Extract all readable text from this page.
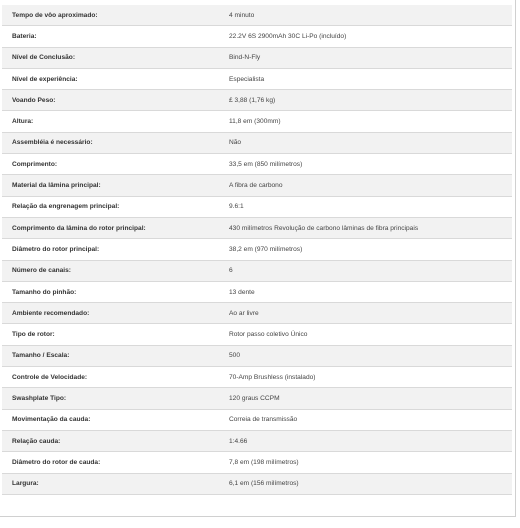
Tempo de vôo aproximado:	4 minuto
Bateria:	22.2V 6S 2900mAh 30C Li-Po (incluído)
Nível de Conclusão:	Bind-N-Fly
Nível de experiência:	Especialista
Voando Peso:	£ 3,88 (1,76 kg)
Altura:	11,8 em (300mm)
Assembléia é necessário:	Não
Comprimento:	33,5 em (850 milímetros)
Material da lâmina principal:	A fibra de carbono
Relação da engrenagem principal:	9.6:1
Comprimento da lâmina do rotor principal:	430 milímetros Revolução de carbono lâminas de fibra principais
Diâmetro do rotor principal:	38,2 em (970 milímetros)
Número de canais:	6
Tamanho do pinhão:	13 dente
Ambiente recomendado:	Ao ar livre
Tipo de rotor:	Rotor passo coletivo Único
Tamanho / Escala:	500
Controle de Velocidade:	70-Amp Brushless (instalado)
Swashplate Tipo:	120 graus CCPM
Movimentação da cauda:	Correia de transmissão
Relação cauda:	1:4.66
Diâmetro do rotor de cauda:	7,8 em (198 milímetros)
Largura:	6,1 em (156 milímetros)
